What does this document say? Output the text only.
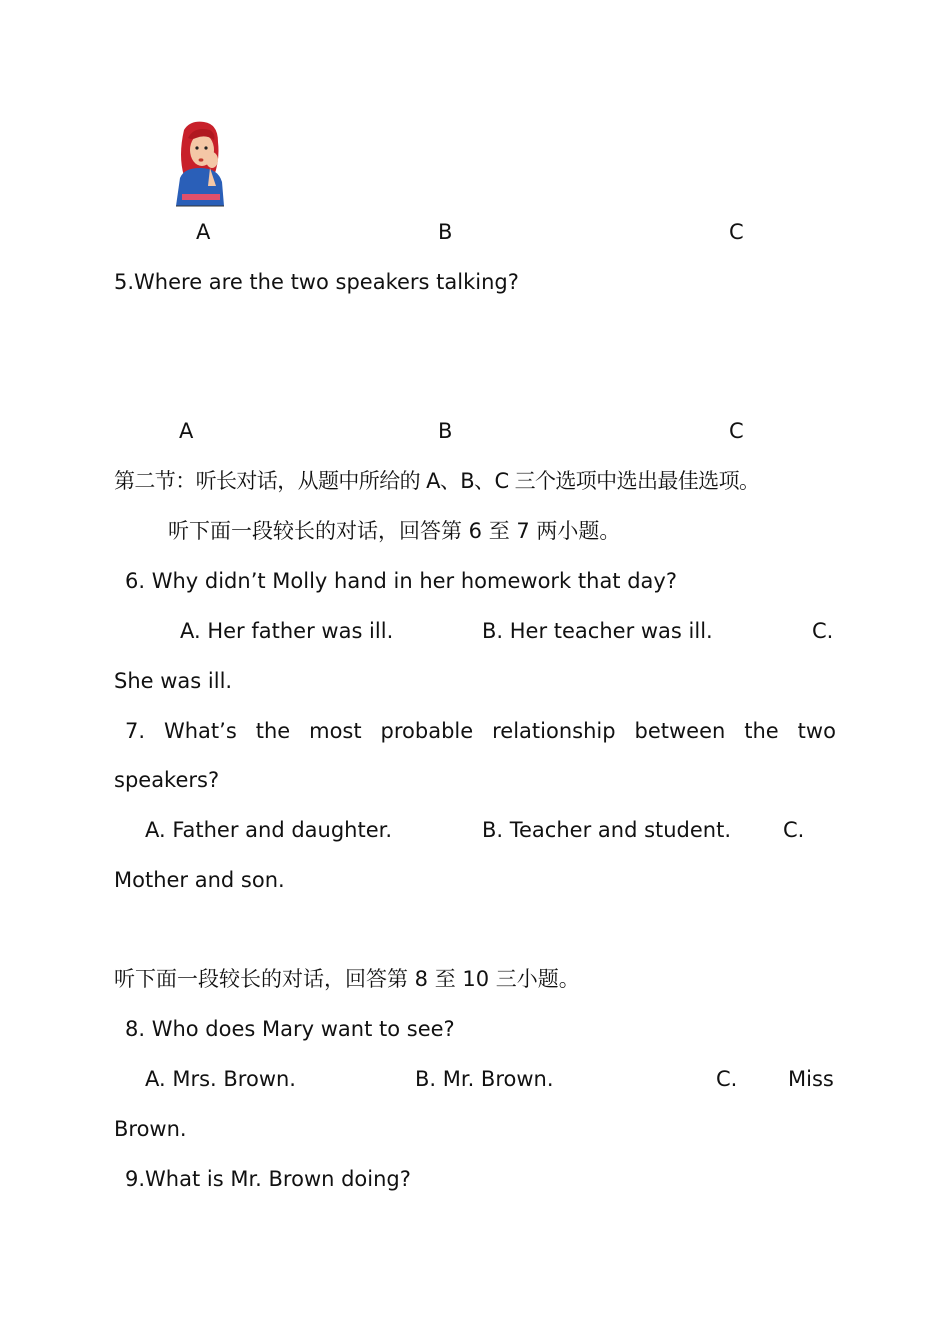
A	B	C
5.Where are the two speakers talking?
A	B	C
第二节：听长对话，从题中所给的 A、B、C 三个选项中选出最佳选项。
听下面一段较长的对话，回答第 6 至 7 两小题。
6. Why didn’t Molly hand in her homework that day?
A. Her father was ill.	B. Her teacher was ill.	C.
She was ill.
7. What’s the most probable relationship between the two
speakers?
A. Father and daughter.	B. Teacher and student. C.
Mother and son.
听下面一段较长的对话，回答第 8 至 10 三小题。
8. Who does Mary want to see?
A. Mrs. Brown.	B. Mr. Brown.	C. Miss
Brown.
9.What is Mr. Brown doing?
